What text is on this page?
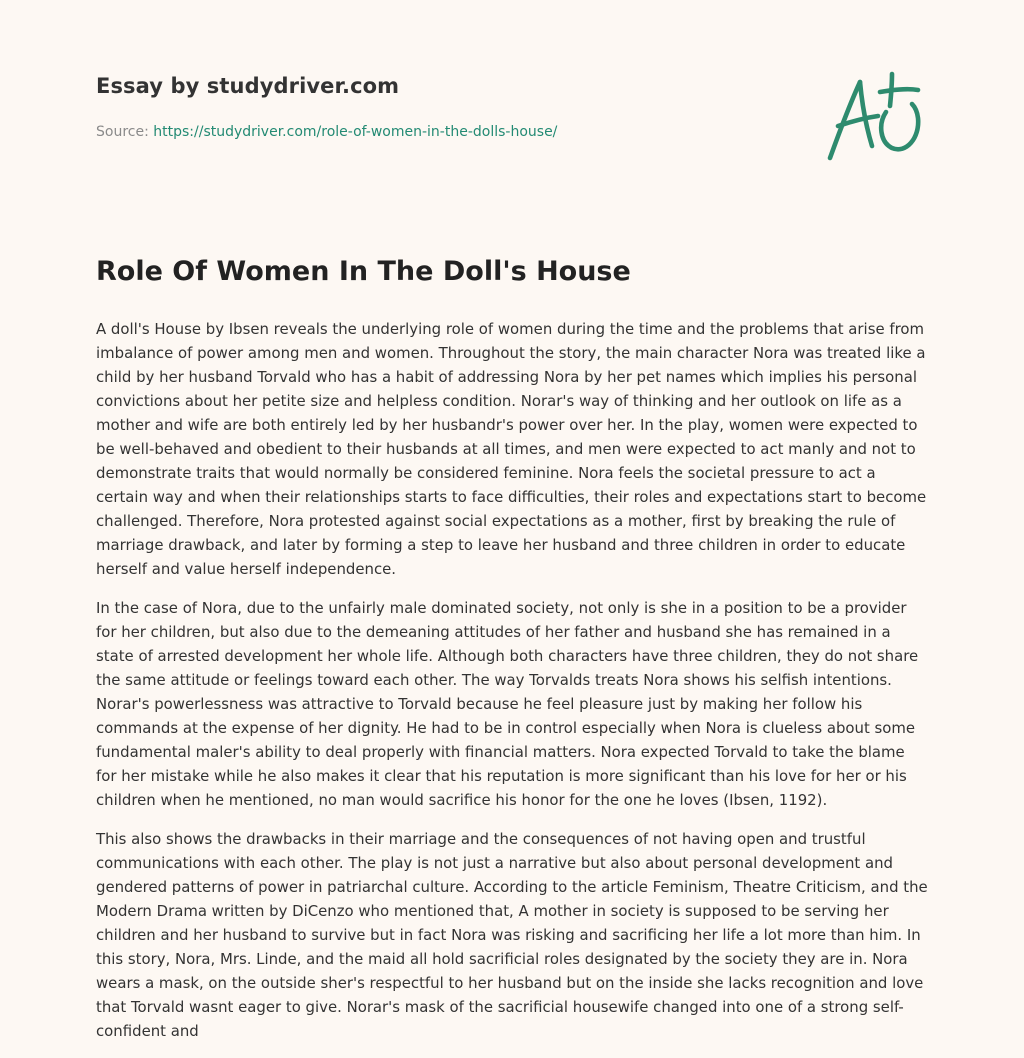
Essay by studydriver.com
Source: https://studydriver.com/role-of-women-in-the-dolls-house/
Role Of Women In The Doll's House

A doll's House by Ibsen reveals the underlying role of women during the time and the problems that arise from imbalance of power among men and women. Throughout the story, the main character Nora was treated like a child by her husband Torvald who has a habit of addressing Nora by her pet names which implies his personal convictions about her petite size and helpless condition. Norar's way of thinking and her outlook on life as a mother and wife are both entirely led by her husbandr's power over her. In the play, women were expected to be well-behaved and obedient to their husbands at all times, and men were expected to act manly and not to demonstrate traits that would normally be considered feminine. Nora feels the societal pressure to act a certain way and when their relationships starts to face difficulties, their roles and expectations start to become challenged. Therefore, Nora protested against social expectations as a mother, first by breaking the rule of marriage drawback, and later by forming a step to leave her husband and three children in order to educate herself and value herself independence.

In the case of Nora, due to the unfairly male dominated society, not only is she in a position to be a provider for her children, but also due to the demeaning attitudes of her father and husband she has remained in a state of arrested development her whole life. Although both characters have three children, they do not share the same attitude or feelings toward each other. The way Torvalds treats Nora shows his selfish intentions. Norar's powerlessness was attractive to Torvald because he feel pleasure just by making her follow his commands at the expense of her dignity. He had to be in control especially when Nora is clueless about some fundamental maler's ability to deal properly with financial matters. Nora expected Torvald to take the blame for her mistake while he also makes it clear that his reputation is more significant than his love for her or his children when he mentioned, no man would sacrifice his honor for the one he loves (Ibsen, 1192).

This also shows the drawbacks in their marriage and the consequences of not having open and trustful communications with each other. The play is not just a narrative but also about personal development and gendered patterns of power in patriarchal culture. According to the article Feminism, Theatre Criticism, and the Modern Drama written by DiCenzo who mentioned that, A mother in society is supposed to be serving her children and her husband to survive but in fact Nora was risking and sacrificing her life a lot more than him. In this story, Nora, Mrs. Linde, and the maid all hold sacrificial roles designated by the society they are in. Nora wears a mask, on the outside sher's respectful to her husband but on the inside she lacks recognition and love that Torvald wasnt eager to give. Norar's mask of the sacrificial housewife changed into one of a strong self-confident and
